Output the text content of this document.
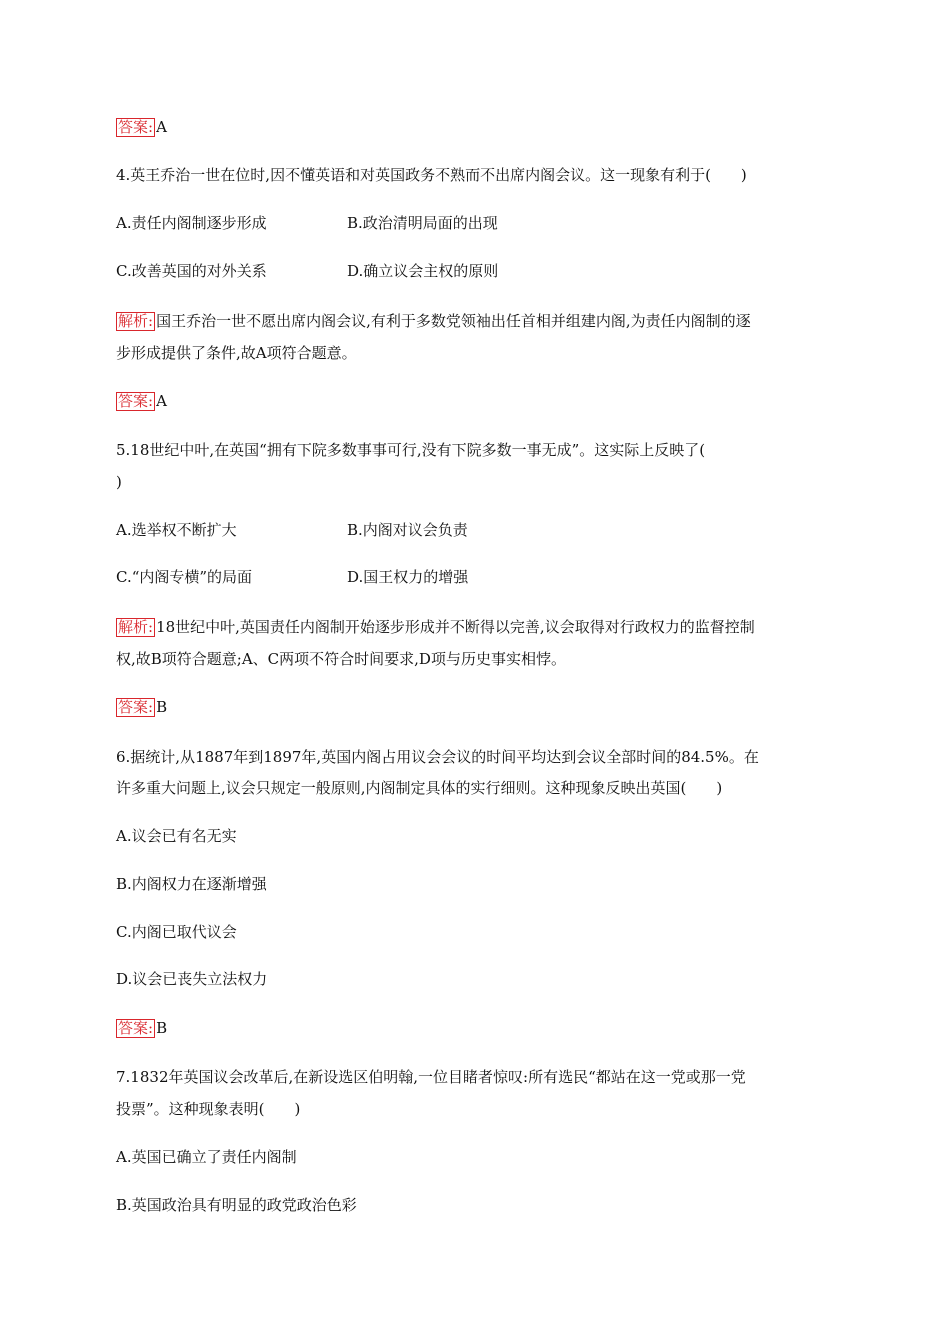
答案: A
4.英王乔治一世在位时,因不懂英语和对英国政务不熟而不出席内阁会议。这一现象有利于(　　)
A.责任内阁制逐步形成	B.政治清明局面的出现
C.改善英国的对外关系	D.确立议会主权的原则
解析: 国王乔治一世不愿出席内阁会议,有利于多数党领袖出任首相并组建内阁,为责任内阁制的逐
步形成提供了条件,故A项符合题意。
答案: A
5.18世纪中叶,在英国“拥有下院多数事事可行,没有下院多数一事无成”。这实际上反映了(
)
A.选举权不断扩大	B.内阁对议会负责
C.“内阁专横”的局面	D.国王权力的增强
解析: 18世纪中叶,英国责任内阁制开始逐步形成并不断得以完善,议会取得对行政权力的监督控制
权,故B项符合题意;A、C两项不符合时间要求,D项与历史事实相悖。
答案: B
6.据统计,从1887年到1897年,英国内阁占用议会会议的时间平均达到会议全部时间的84.5%。在
许多重大问题上,议会只规定一般原则,内阁制定具体的实行细则。这种现象反映出英国(　　)
A.议会已有名无实
B.内阁权力在逐渐增强
C.内阁已取代议会
D.议会已丧失立法权力
答案: B
7.1832年英国议会改革后,在新设选区伯明翰,一位目睹者惊叹:所有选民“都站在这一党或那一党
投票”。这种现象表明(　　)
A.英国已确立了责任内阁制
B.英国政治具有明显的政党政治色彩
